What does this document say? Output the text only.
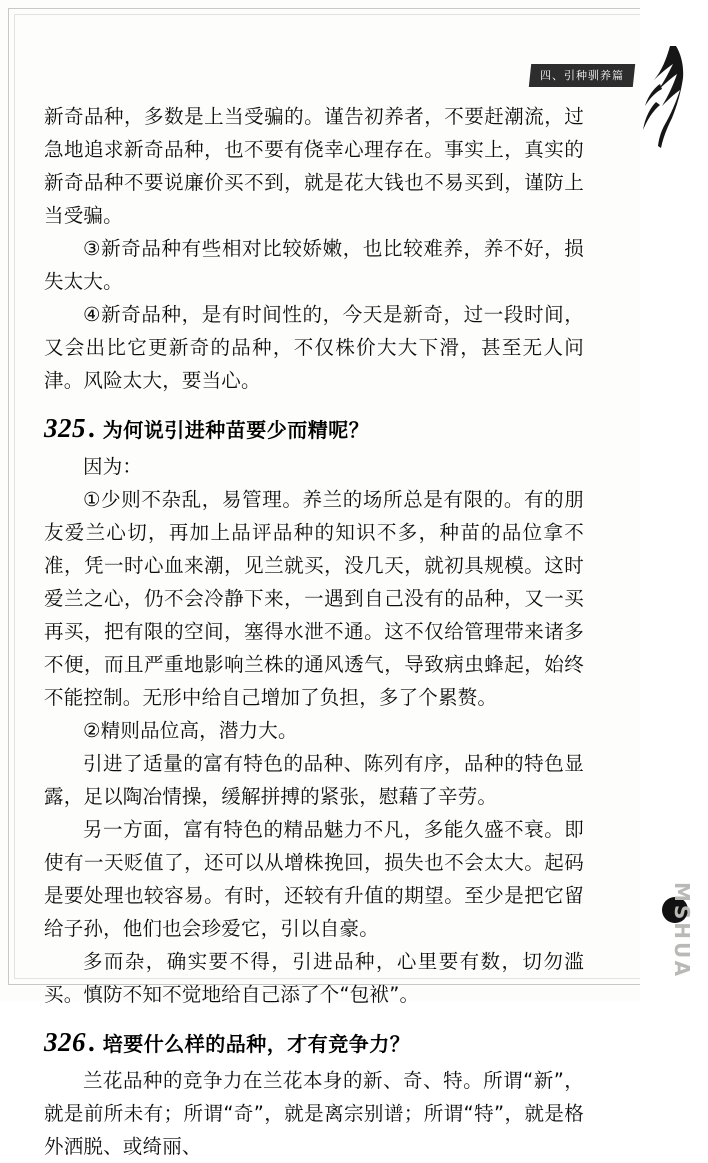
四、引种驯养篇

新奇品种，多数是上当受骗的。谨告初养者，不要赶潮流，过急地追求新奇品种，也不要有侥幸心理存在。事实上，真实的新奇品种不要说廉价买不到，就是花大钱也不易买到，谨防上当受骗。

③新奇品种有些相对比较娇嫩，也比较难养，养不好，损失太大。

④新奇品种，是有时间性的，今天是新奇，过一段时间，又会出比它更新奇的品种，不仅株价大大下滑，甚至无人问津。风险太大，要当心。

325 . 为何说引进种苗要少而精呢？

因为：

①少则不杂乱，易管理。养兰的场所总是有限的。有的朋友爱兰心切，再加上品评品种的知识不多，种苗的品位拿不准，凭一时心血来潮，见兰就买，没几天，就初具规模。这时爱兰之心，仍不会冷静下来，一遇到自己没有的品种，又一买再买，把有限的空间，塞得水泄不通。这不仅给管理带来诸多不便，而且严重地影响兰株的通风透气，导致病虫蜂起，始终不能控制。无形中给自己增加了负担，多了个累赘。

②精则品位高，潜力大。

引进了适量的富有特色的品种、陈列有序，品种的特色显露，足以陶冶情操，缓解拼搏的紧张，慰藉了辛劳。

另一方面，富有特色的精品魅力不凡，多能久盛不衰。即使有一天贬值了，还可以从增株挽回，损失也不会太大。起码是要处理也较容易。有时，还较有升值的期望。至少是把它留给子孙，他们也会珍爱它，引以自豪。

多而杂，确实要不得，引进品种，心里要有数，切勿滥买。慎防不知不觉地给自己添了个“包袱”。

326 . 培要什么样的品种，才有竞争力？

兰花品种的竞争力在兰花本身的新、奇、特。所谓“新”，就是前所未有；所谓“奇”，就是离宗别谱；所谓“特”，就是格外洒脱、或绮丽、

MSHUA
